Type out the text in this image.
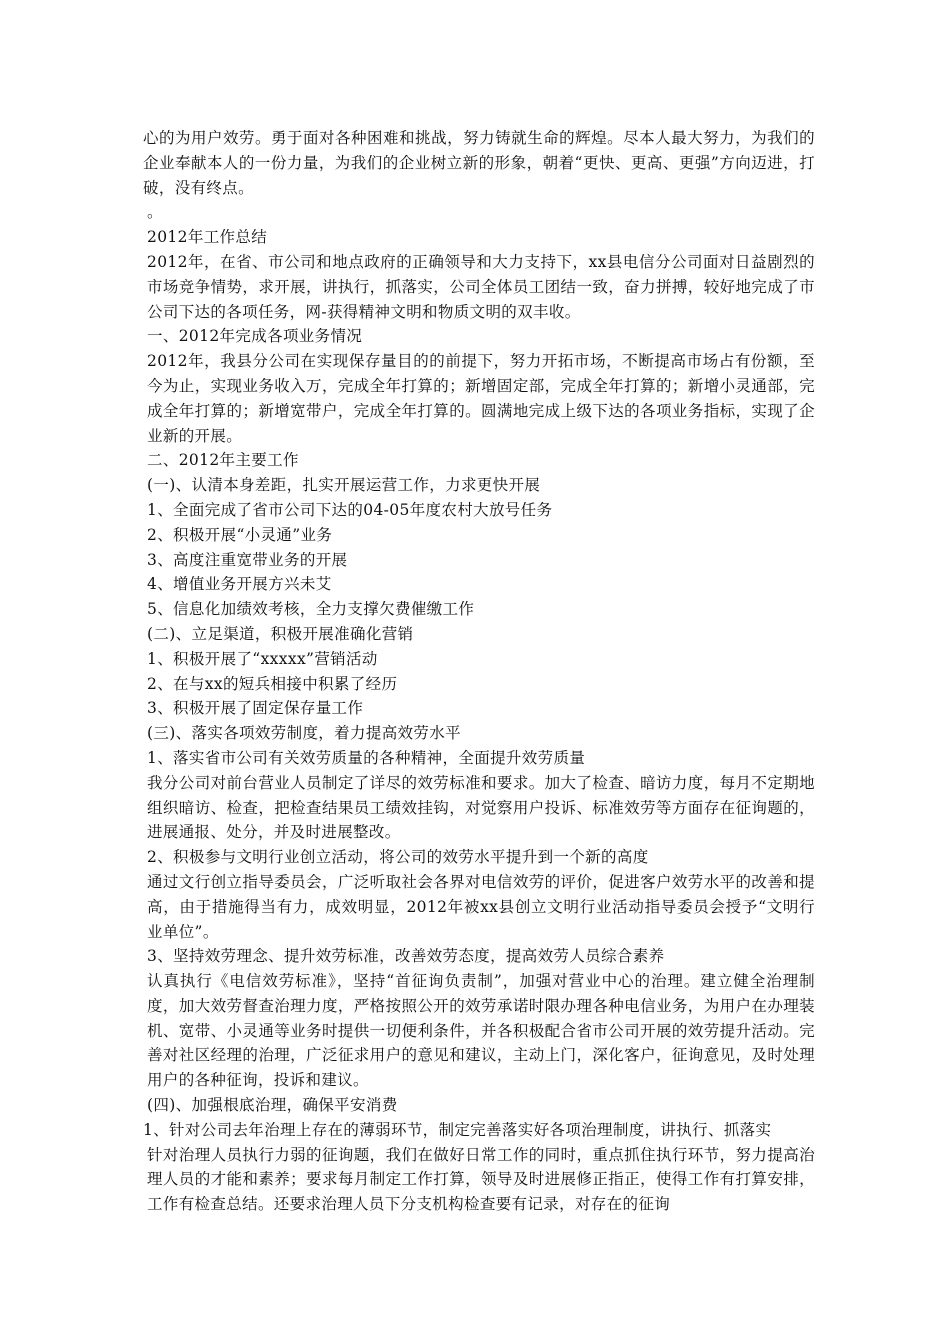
心的为用户效劳。勇于面对各种困难和挑战，努力铸就生命的辉煌。尽本人最大努力，为我们的企业奉献本人的一份力量，为我们的企业树立新的形象，朝着“更快、更高、更强”方向迈进，打破，没有终点。

。

2012年工作总结

2012年，在省、市公司和地点政府的正确领导和大力支持下，xx县电信分公司面对日益剧烈的市场竞争情势，求开展，讲执行，抓落实，公司全体员工团结一致，奋力拼搏，较好地完成了市公司下达的各项任务，网-获得精神文明和物质文明的双丰收。

一、2012年完成各项业务情况

2012年，我县分公司在实现保存量目的的前提下，努力开拓市场，不断提高市场占有份额，至今为止，实现业务收入万，完成全年打算的；新增固定部，完成全年打算的；新增小灵通部，完成全年打算的；新增宽带户，完成全年打算的。圆满地完成上级下达的各项业务指标，实现了企业新的开展。

二、2012年主要工作

(一)、认清本身差距，扎实开展运营工作，力求更快开展

1、全面完成了省市公司下达的04-05年度农村大放号任务

2、积极开展“小灵通”业务

3、高度注重宽带业务的开展

4、增值业务开展方兴未艾

5、信息化加绩效考核，全力支撑欠费催缴工作

(二)、立足渠道，积极开展准确化营销

1、积极开展了“xxxxx”营销活动

2、在与xx的短兵相接中积累了经历

3、积极开展了固定保存量工作

(三)、落实各项效劳制度，着力提高效劳水平

1、落实省市公司有关效劳质量的各种精神，全面提升效劳质量

我分公司对前台营业人员制定了详尽的效劳标准和要求。加大了检查、暗访力度，每月不定期地组织暗访、检查，把检查结果员工绩效挂钩，对觉察用户投诉、标准效劳等方面存在征询题的，进展通报、处分，并及时进展整改。

2、积极参与文明行业创立活动，将公司的效劳水平提升到一个新的高度

通过文行创立指导委员会，广泛听取社会各界对电信效劳的评价，促进客户效劳水平的改善和提高，由于措施得当有力，成效明显，2012年被xx县创立文明行业活动指导委员会授予“文明行业单位”。

3、坚持效劳理念、提升效劳标准，改善效劳态度，提高效劳人员综合素养

认真执行《电信效劳标准》，坚持“首征询负责制”，加强对营业中心的治理。建立健全治理制度，加大效劳督查治理力度，严格按照公开的效劳承诺时限办理各种电信业务，为用户在办理装机、宽带、小灵通等业务时提供一切便利条件，并各积极配合省市公司开展的效劳提升活动。完善对社区经理的治理，广泛征求用户的意见和建议，主动上门，深化客户，征询意见，及时处理用户的各种征询，投诉和建议。

(四)、加强根底治理，确保平安消费

1、针对公司去年治理上存在的薄弱环节，制定完善落实好各项治理制度，讲执行、抓落实

针对治理人员执行力弱的征询题，我们在做好日常工作的同时，重点抓住执行环节，努力提高治理人员的才能和素养；要求每月制定工作打算，领导及时进展修正指正，使得工作有打算安排，工作有检查总结。还要求治理人员下分支机构检查要有记录，对存在的征询
